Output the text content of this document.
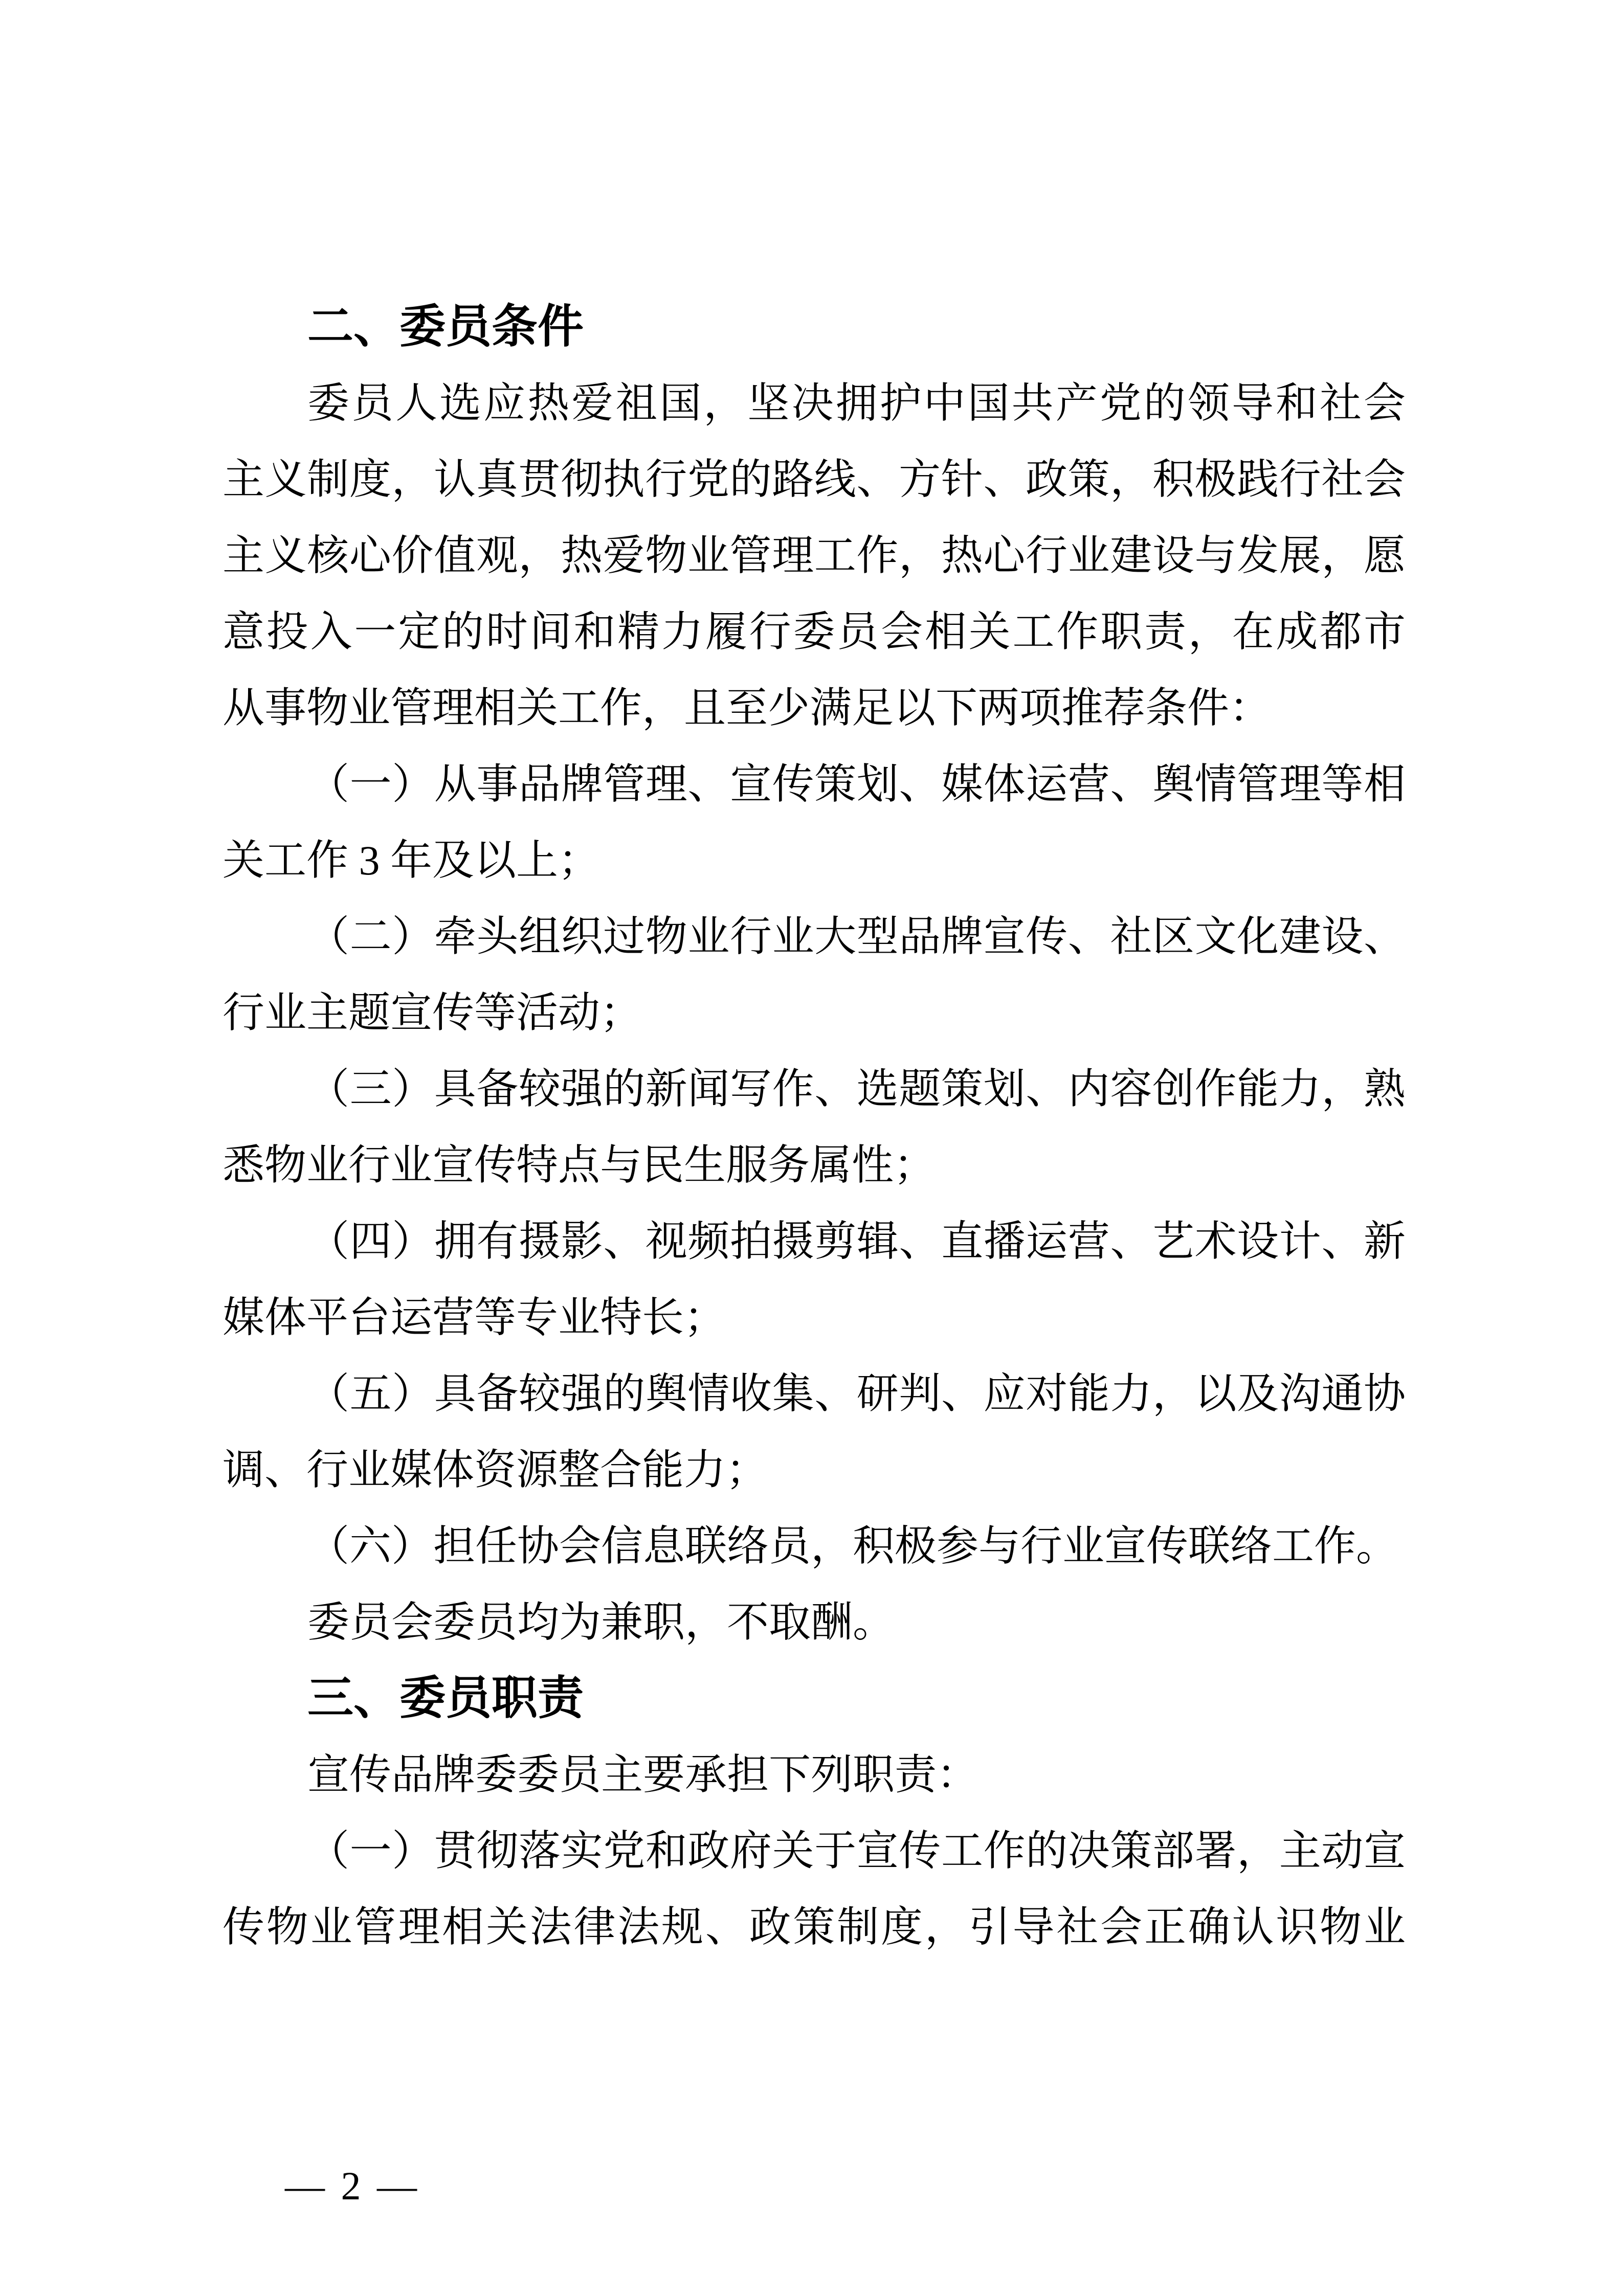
二、委员条件
委员人选应热爱祖国，坚决拥护中国共产党的领导和社会
主义制度，认真贯彻执行党的路线、方针、政策，积极践行社会
主义核心价值观，热爱物业管理工作，热心行业建设与发展，愿
意投入一定的时间和精力履行委员会相关工作职责，在成都市
从事物业管理相关工作，且至少满足以下两项推荐条件：
（一）从事品牌管理、宣传策划、媒体运营、舆情管理等相
关工作 3 年及以上；
（二）牵头组织过物业行业大型品牌宣传、社区文化建设、
行业主题宣传等活动；
（三）具备较强的新闻写作、选题策划、内容创作能力，熟
悉物业行业宣传特点与民生服务属性；
（四）拥有摄影、视频拍摄剪辑、直播运营、艺术设计、新
媒体平台运营等专业特长；
（五）具备较强的舆情收集、研判、应对能力，以及沟通协
调、行业媒体资源整合能力；
（六）担任协会信息联络员，积极参与行业宣传联络工作。
委员会委员均为兼职，不取酬。
三、委员职责
宣传品牌委委员主要承担下列职责：
（一）贯彻落实党和政府关于宣传工作的决策部署，主动宣
传物业管理相关法律法规、政策制度，引导社会正确认识物业

— 2 —
